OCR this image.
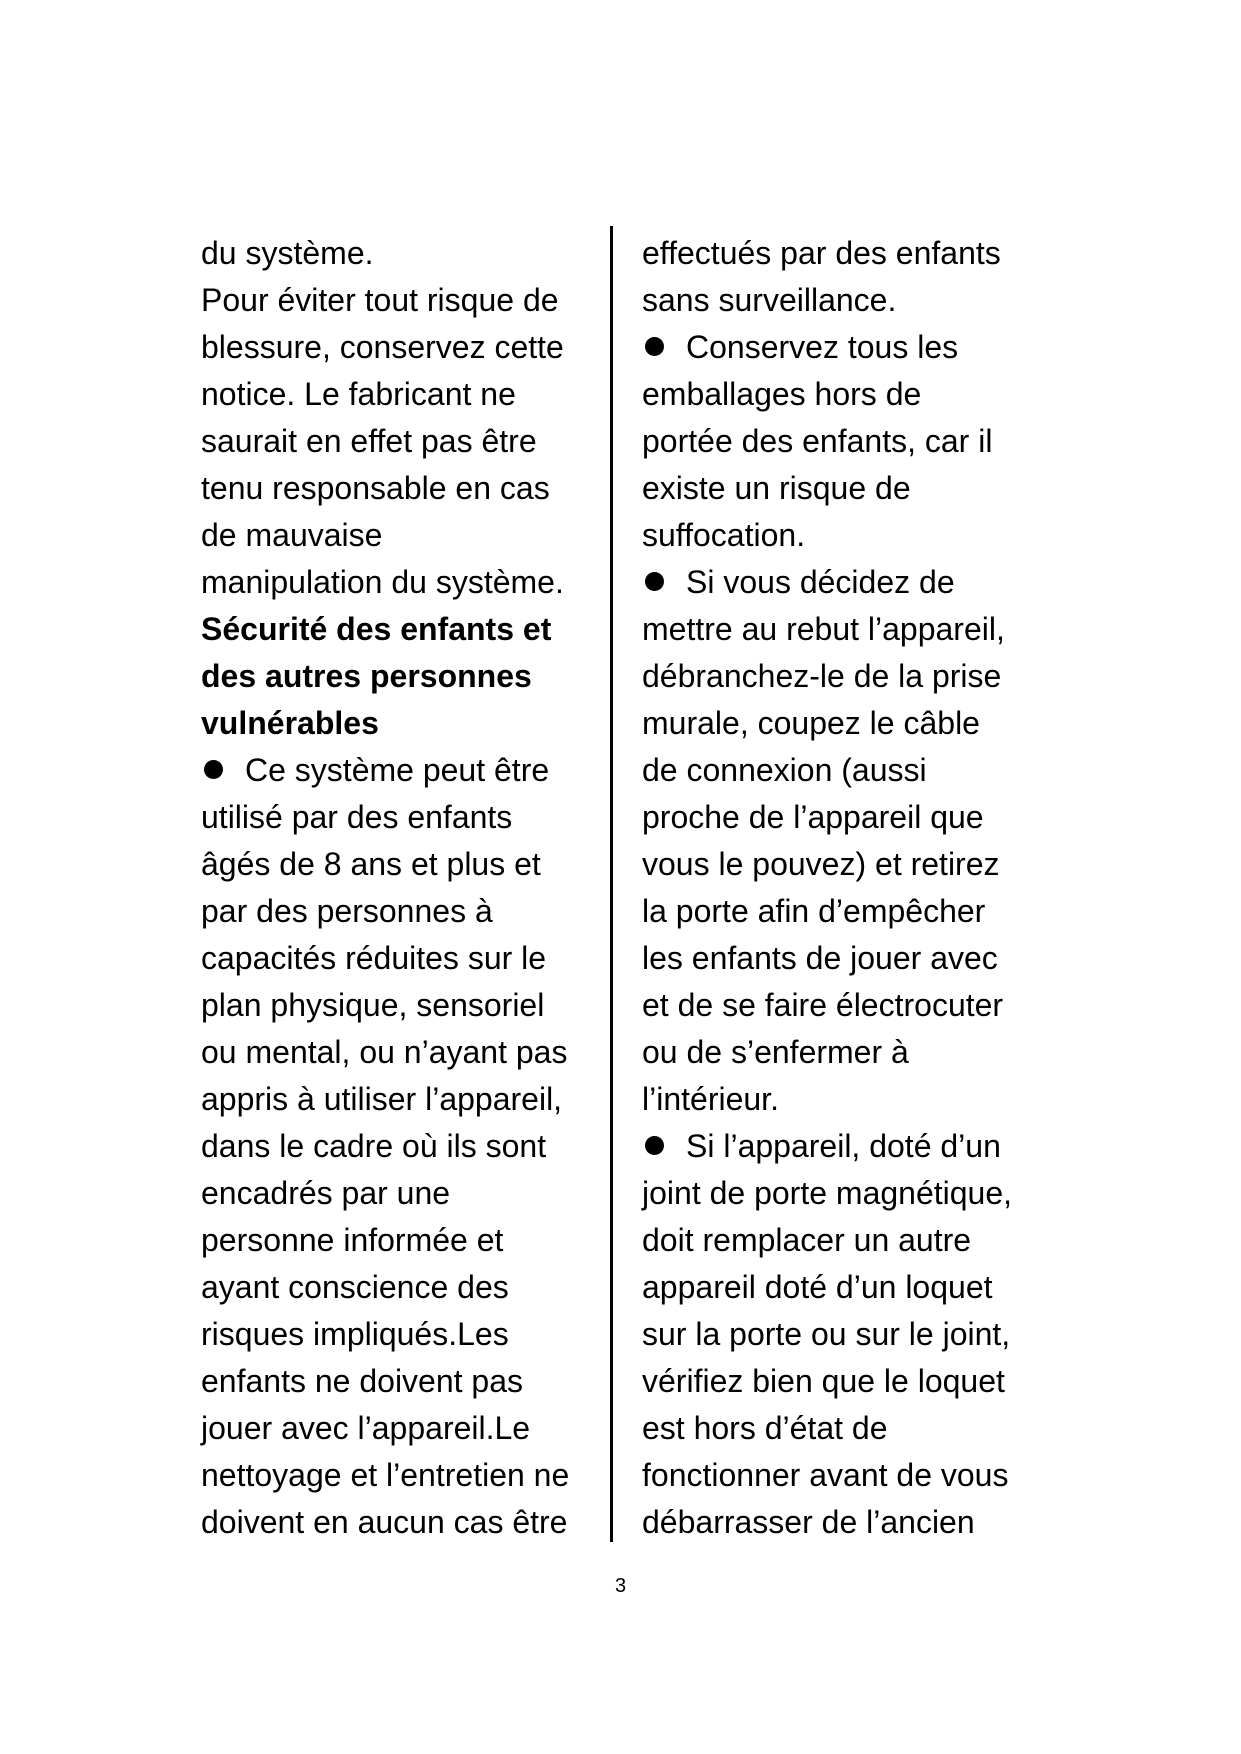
du système.
Pour éviter tout risque de
blessure, conservez cette
notice. Le fabricant ne
saurait en effet pas être
tenu responsable en cas
de mauvaise
manipulation du système.
Sécurité des enfants et
des autres personnes
vulnérables
Ce système peut être
utilisé par des enfants
âgés de 8 ans et plus et
par des personnes à
capacités réduites sur le
plan physique, sensoriel
ou mental, ou n’ayant pas
appris à utiliser l’appareil,
dans le cadre où ils sont
encadrés par une
personne informée et
ayant conscience des
risques impliqués.Les
enfants ne doivent pas
jouer avec l’appareil.Le
nettoyage et l’entretien ne
doivent en aucun cas être
effectués par des enfants
sans surveillance.
Conservez tous les
emballages hors de
portée des enfants, car il
existe un risque de
suffocation.
Si vous décidez de
mettre au rebut l’appareil,
débranchez-le de la prise
murale, coupez le câble
de connexion (aussi
proche de l’appareil que
vous le pouvez) et retirez
la porte afin d’empêcher
les enfants de jouer avec
et de se faire électrocuter
ou de s’enfermer à
l’intérieur.
Si l’appareil, doté d’un
joint de porte magnétique,
doit remplacer un autre
appareil doté d’un loquet
sur la porte ou sur le joint,
vérifiez bien que le loquet
est hors d’état de
fonctionner avant de vous
débarrasser de l’ancien
3
